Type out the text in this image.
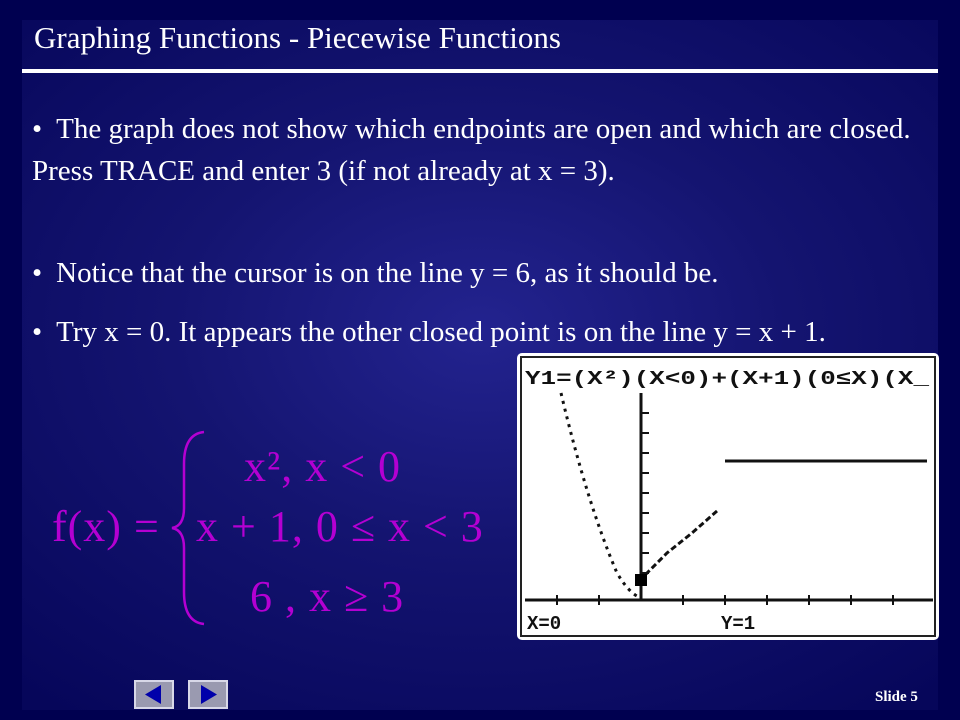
Graphing Functions - Piecewise Functions

• The graph does not show which endpoints are open and which are closed. Press TRACE and enter 3 (if not already at x = 3).

• Notice that the cursor is on the line y = 6, as it should be.

• Try x = 0. It appears the other closed point is on the line y = x + 1.

Y1=(X²)(X<0)+(X+1)(0≤X)(X_
X=0	Y=1
f(x) =
x², x < 0
x + 1, 0 ≤ x < 3
6 , x ≥ 3
Slide 5
